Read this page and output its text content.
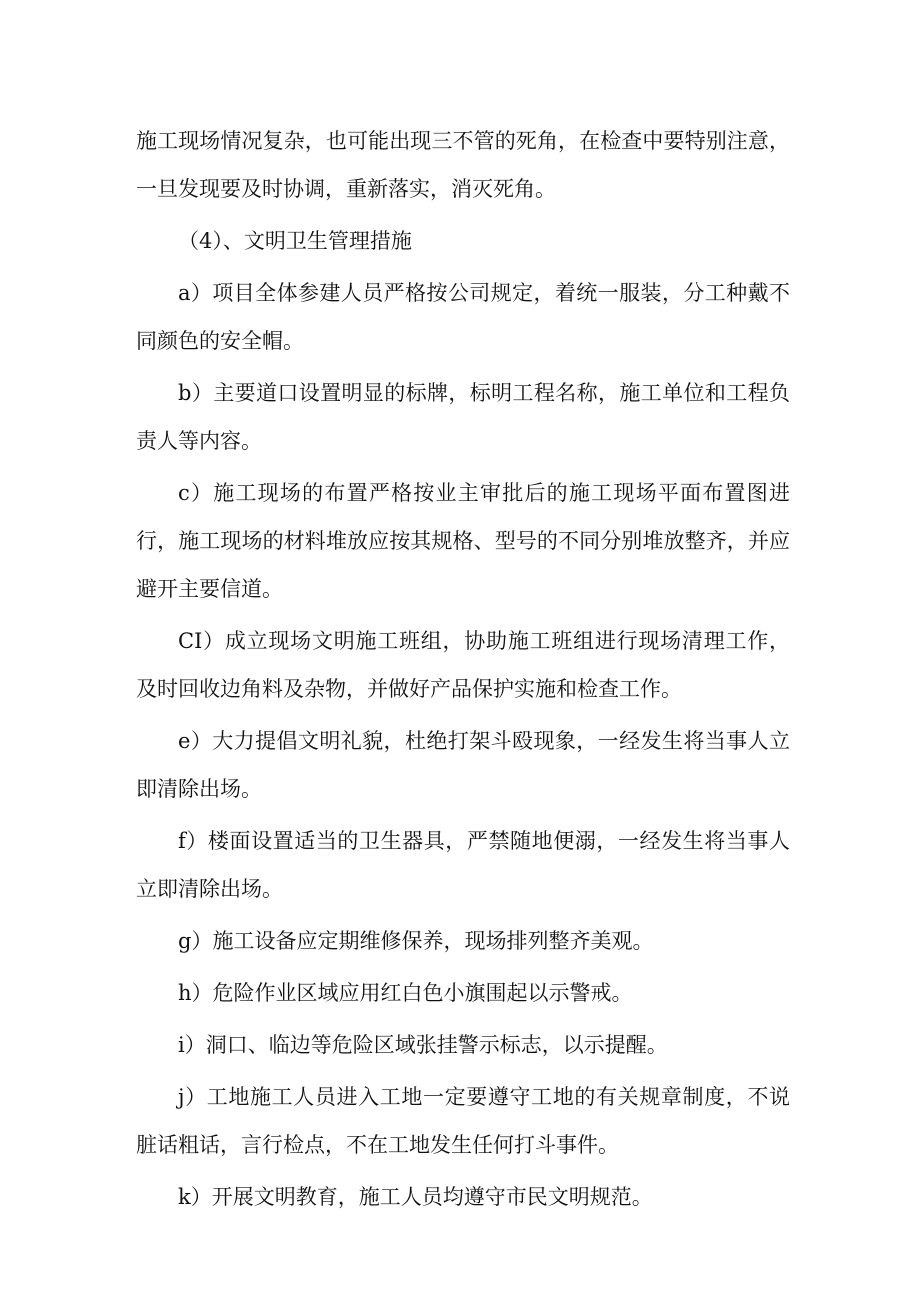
施工现场情况复杂，也可能出现三不管的死角，在检查中要特别注意，一旦发现要及时协调，重新落实，消灭死角。

（4）、文明卫生管理措施

a）项目全体参建人员严格按公司规定，着统一服装，分工种戴不同颜色的安全帽。

b）主要道口设置明显的标牌，标明工程名称，施工单位和工程负责人等内容。

c）施工现场的布置严格按业主审批后的施工现场平面布置图进行，施工现场的材料堆放应按其规格、型号的不同分别堆放整齐，并应避开主要信道。

CI）成立现场文明施工班组，协助施工班组进行现场清理工作，及时回收边角料及杂物，并做好产品保护实施和检查工作。

e）大力提倡文明礼貌，杜绝打架斗殴现象，一经发生将当事人立即清除出场。

f）楼面设置适当的卫生器具，严禁随地便溺，一经发生将当事人立即清除出场。

g）施工设备应定期维修保养，现场排列整齐美观。

h）危险作业区域应用红白色小旗围起以示警戒。

i）洞口、临边等危险区域张挂警示标志，以示提醒。

j）工地施工人员进入工地一定要遵守工地的有关规章制度，不说脏话粗话，言行检点，不在工地发生任何打斗事件。

k）开展文明教育，施工人员均遵守市民文明规范。
